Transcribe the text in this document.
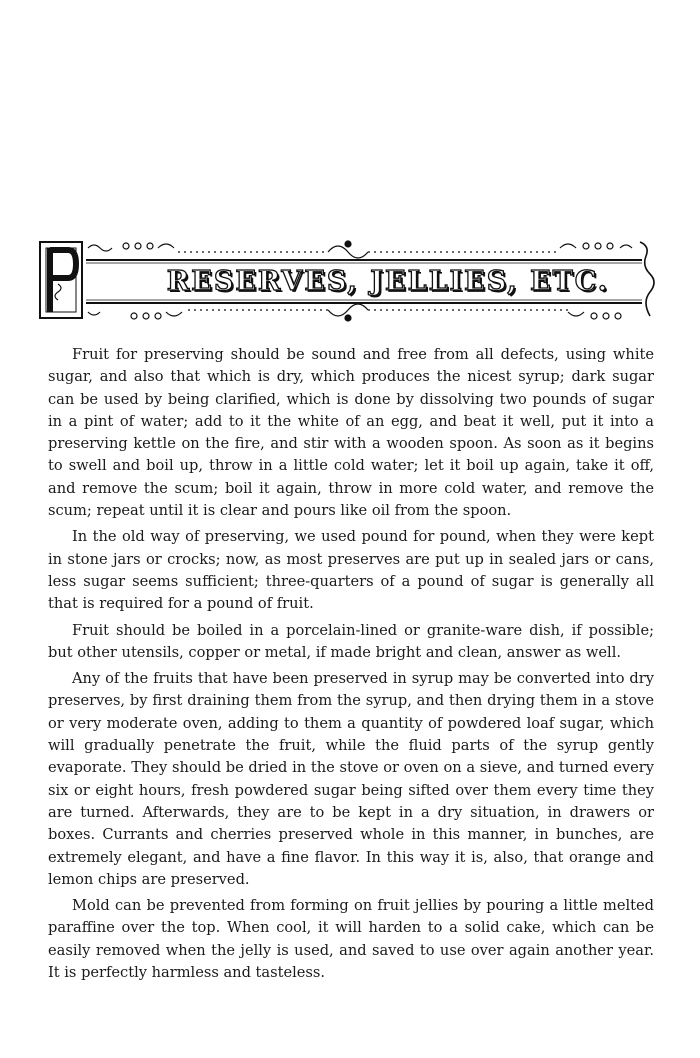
RESERVES, JELLIES, ETC.

Fruit for preserving should be sound and free from all defects, using white sugar, and also that which is dry, which produces the nicest syrup; dark sugar can be used by being clarified, which is done by dissolving two pounds of sugar in a pint of water; add to it the white of an egg, and beat it well, put it into a preserving kettle on the fire, and stir with a wooden spoon. As soon as it begins to swell and boil up, throw in a little cold water; let it boil up again, take it off, and remove the scum; boil it again, throw in more cold water, and remove the scum; repeat until it is clear and pours like oil from the spoon.

In the old way of preserving, we used pound for pound, when they were kept in stone jars or crocks; now, as most preserves are put up in sealed jars or cans, less sugar seems sufficient; three-quarters of a pound of sugar is generally all that is required for a pound of fruit.

Fruit should be boiled in a porcelain-lined or granite-ware dish, if possible; but other utensils, copper or metal, if made bright and clean, answer as well.

Any of the fruits that have been preserved in syrup may be converted into dry preserves, by first draining them from the syrup, and then drying them in a stove or very moderate oven, adding to them a quantity of powdered loaf sugar, which will gradually penetrate the fruit, while the fluid parts of the syrup gently evaporate. They should be dried in the stove or oven on a sieve, and turned every six or eight hours, fresh powdered sugar being sifted over them every time they are turned. Afterwards, they are to be kept in a dry situation, in drawers or boxes. Currants and cherries preserved whole in this manner, in bunches, are extremely elegant, and have a fine flavor. In this way it is, also, that orange and lemon chips are preserved.

Mold can be prevented from forming on fruit jellies by pouring a little melted paraffine over the top. When cool, it will harden to a solid cake, which can be easily removed when the jelly is used, and saved to use over again another year. It is perfectly harmless and tasteless.
